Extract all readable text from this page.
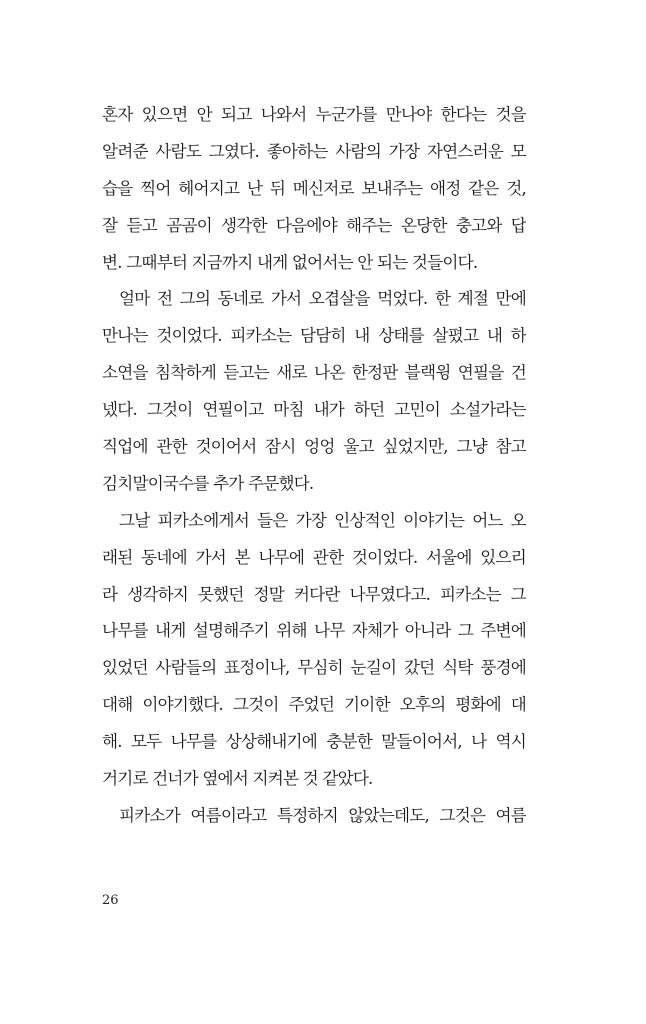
혼자 있으면 안 되고 나와서 누군가를 만나야 한다는 것을
알려준 사람도 그였다. 좋아하는 사람의 가장 자연스러운 모
습을 찍어 헤어지고 난 뒤 메신저로 보내주는 애정 같은 것,
잘 듣고 곰곰이 생각한 다음에야 해주는 온당한 충고와 답
변. 그때부터 지금까지 내게 없어서는 안 되는 것들이다.
얼마 전 그의 동네로 가서 오겹살을 먹었다. 한 계절 만에
만나는 것이었다. 피카소는 담담히 내 상태를 살폈고 내 하
소연을 침착하게 듣고는 새로 나온 한정판 블랙윙 연필을 건
넸다. 그것이 연필이고 마침 내가 하던 고민이 소설가라는
직업에 관한 것이어서 잠시 엉엉 울고 싶었지만, 그냥 참고
김치말이국수를 추가 주문했다.
그날 피카소에게서 들은 가장 인상적인 이야기는 어느 오
래된 동네에 가서 본 나무에 관한 것이었다. 서울에 있으리
라 생각하지 못했던 정말 커다란 나무였다고. 피카소는 그
나무를 내게 설명해주기 위해 나무 자체가 아니라 그 주변에
있었던 사람들의 표정이나, 무심히 눈길이 갔던 식탁 풍경에
대해 이야기했다. 그것이 주었던 기이한 오후의 평화에 대
해. 모두 나무를 상상해내기에 충분한 말들이어서, 나 역시
거기로 건너가 옆에서 지켜본 것 같았다.
피카소가 여름이라고 특정하지 않았는데도, 그것은 여름
26
